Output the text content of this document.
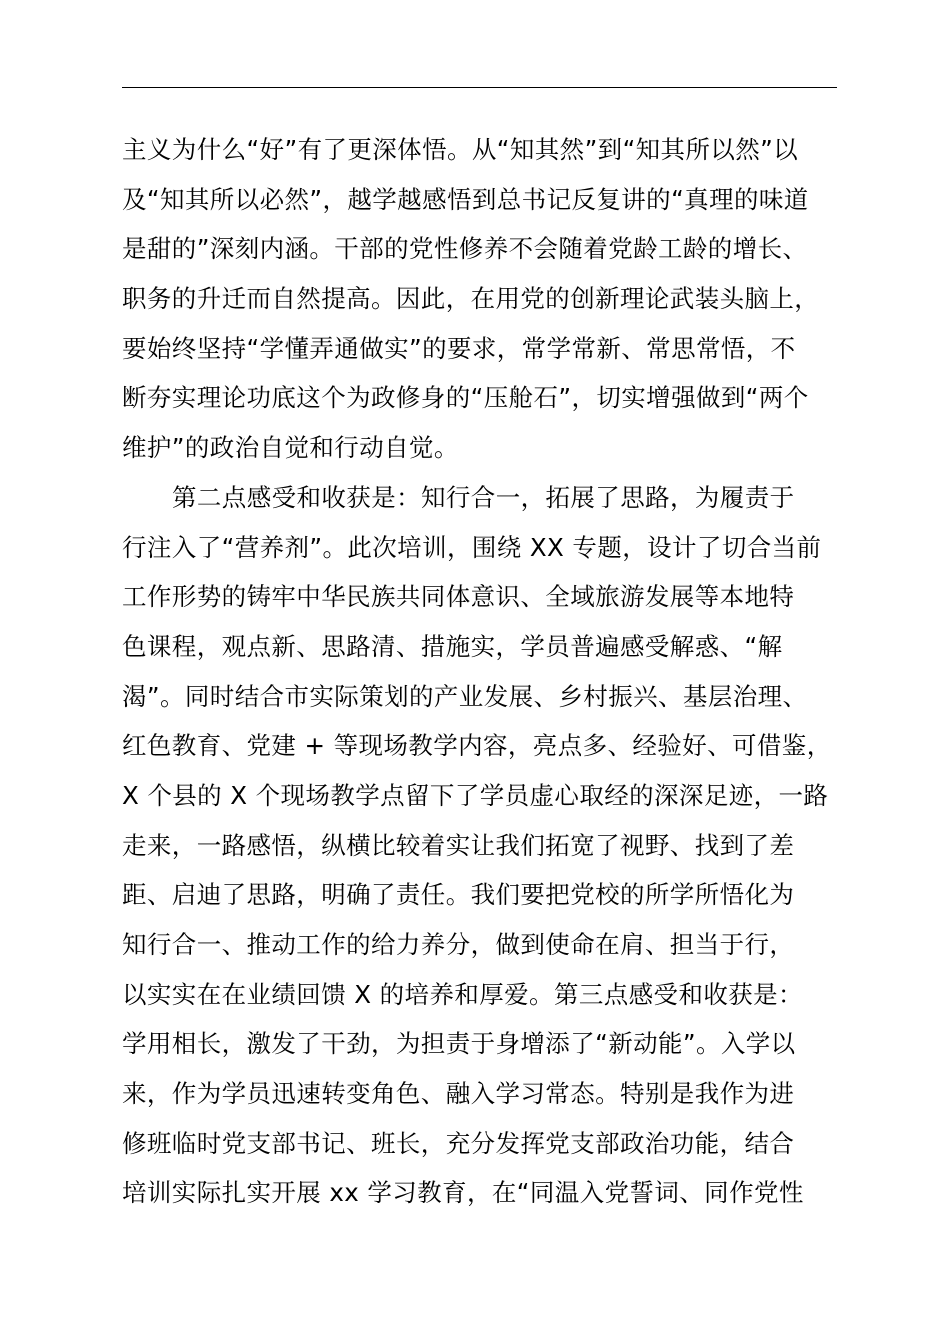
主义为什么“好”有了更深体悟。从“知其然”到“知其所以然”以
及“知其所以必然”，越学越感悟到总书记反复讲的“真理的味道
是甜的”深刻内涵。干部的党性修养不会随着党龄工龄的增长、
职务的升迁而自然提高。因此，在用党的创新理论武装头脑上，
要始终坚持“学懂弄通做实”的要求，常学常新、常思常悟，不
断夯实理论功底这个为政修身的“压舱石”，切实增强做到“两个
维护”的政治自觉和行动自觉。
第二点感受和收获是：知行合一，拓展了思路，为履责于
行注入了“营养剂”。此次培训，围绕 XX 专题，设计了切合当前
工作形势的铸牢中华民族共同体意识、全域旅游发展等本地特
色课程，观点新、思路清、措施实，学员普遍感受解惑、“解
渴”。同时结合市实际策划的产业发展、乡村振兴、基层治理、
红色教育、党建 + 等现场教学内容，亮点多、经验好、可借鉴，
X 个县的 X 个现场教学点留下了学员虚心取经的深深足迹，一路
走来，一路感悟，纵横比较着实让我们拓宽了视野、找到了差
距、启迪了思路，明确了责任。我们要把党校的所学所悟化为
知行合一、推动工作的给力养分，做到使命在肩、担当于行，
以实实在在业绩回馈 X 的培养和厚爱。第三点感受和收获是：
学用相长，激发了干劲，为担责于身增添了“新动能”。入学以
来，作为学员迅速转变角色、融入学习常态。特别是我作为进
修班临时党支部书记、班长，充分发挥党支部政治功能，结合
培训实际扎实开展 xx 学习教育，在“同温入党誓词、同作党性
